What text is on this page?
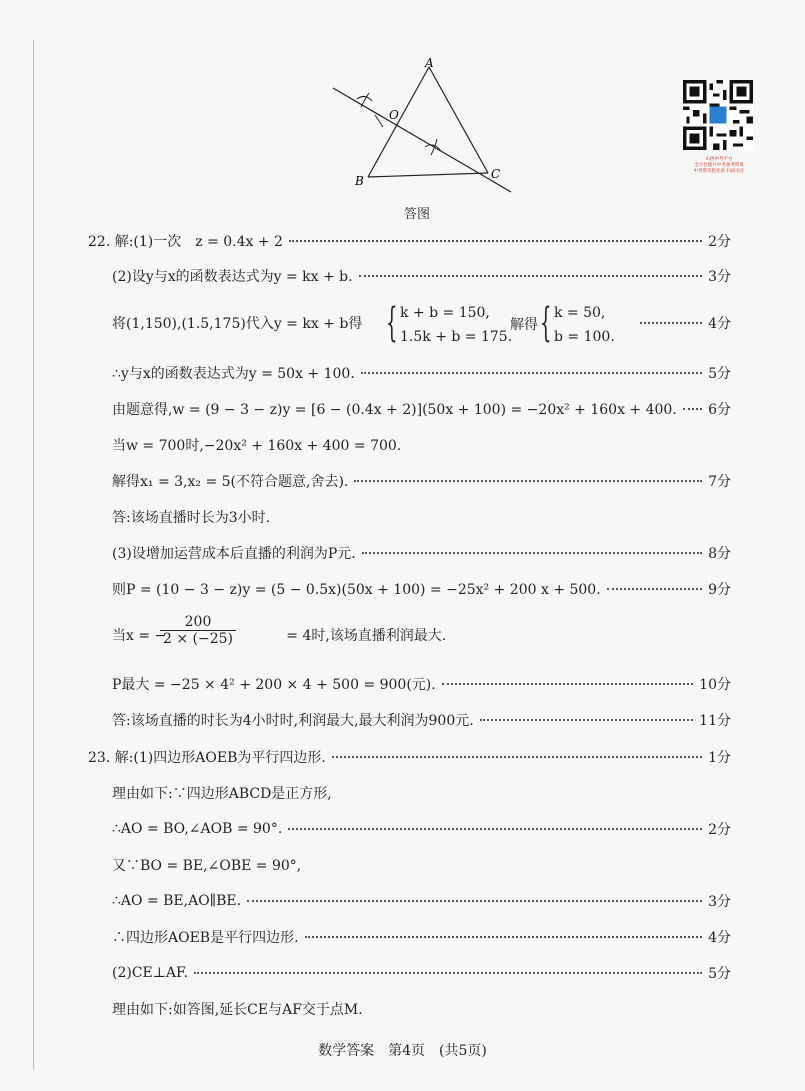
A
B	C
O
答图
山西中考平台
全方位提升中考备考资讯
中考资讯抢先看 扫码关注
22. 解:(1)一次　z = 0.4x + 2	2分
(2)设y与x的函数表达式为y = kx + b.	3分
将(1,150),(1.5,175)代入y = kx + b得	4分
{ k + b = 150,
1.5k + b = 175.
解得 { k = 50,
b = 100.
∴y与x的函数表达式为y = 50x + 100.	5分
由题意得,w = (9 − 3 − z)y = [6 − (0.4x + 2)](50x + 100) = −20x² + 160x + 400. 6分
当w = 700时,−20x² + 160x + 400 = 700.
解得x₁ = 3,x₂ = 5(不符合题意,舍去).	7分
答:该场直播时长为3小时.
(3)设增加运营成本后直播的利润为P元.	8分
则P = (10 − 3 − z)y = (5 − 0.5x)(50x + 100) = −25x² + 200 x + 500.	9分
当x = −	= 4时,该场直播利润最大.
$\frac{200}{2 \times (-25)}$
P最大 = −25 × 4² + 200 × 4 + 500 = 900(元).	10分
答:该场直播的时长为4小时时,利润最大,最大利润为900元.	11分
23. 解:(1)四边形AOEB为平行四边形.	1分
理由如下:∵四边形ABCD是正方形,
∴AO = BO,∠AOB = 90°.	2分
又∵BO = BE,∠OBE = 90°,
∴AO = BE,AO∥BE.	3分
∴四边形AOEB是平行四边形.	4分
(2)CE⊥AF.	5分
理由如下:如答图,延长CE与AF交于点M.
数学答案　第4页　(共5页)
